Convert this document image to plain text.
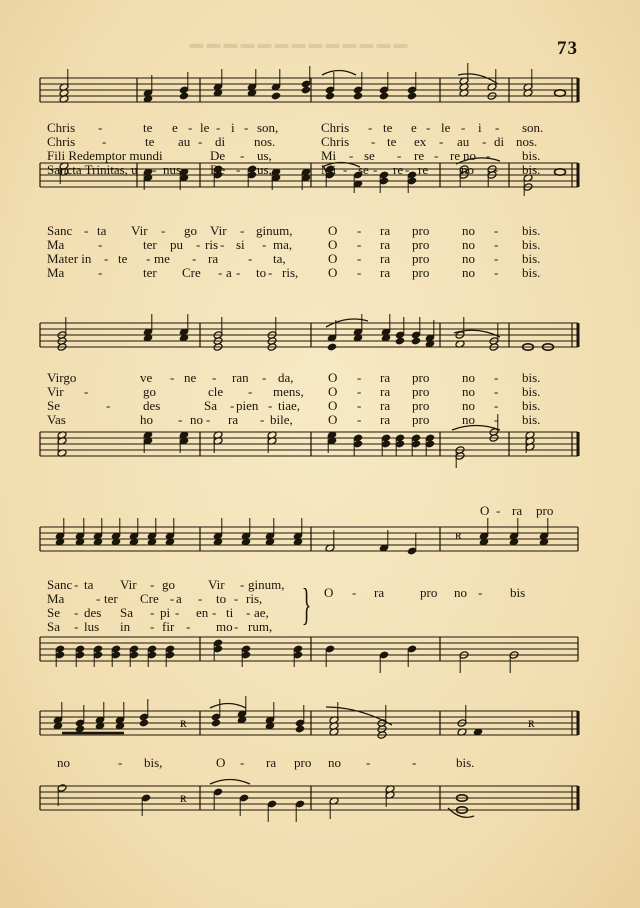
▬▬▬▬▬▬▬▬▬▬▬▬▬	73
ʀ
ʀ	ʀ
ʀ
Chris -	te e - le - i - son,	Chris - te e - le - i - son.
Chris -	te au - di nos.	Chris - te ex - au - di nos.
Fili Redemptor mundi	De - us,	Mi - se - re - re no - bis.
Sancta Trinitas, u - nus De - us,	Mi - se - re - re	no - bis.
Sanc - ta Vir - go Vir - ginum,	O - ra pro	no - bis.
Ma	-	ter pu - ris - si - ma,	O - ra pro	no - bis.
Mater in - te - me - ra - ta,	O - ra pro	no - bis.
Ma	-	ter Cre - a - to - ris, O - ra pro	no - bis.
Virgo	ve - ne - ran - da,	O - ra pro	no - bis.
Vir -	go	cle - mens, O - ra pro	no - bis.
Se	-	des	Sa - pien - tiae, O - ra pro	no - bis.
Vas	ho - no - ra - bile,	O - ra pro	no - bis.
O - ra pro
Sanc - ta Vir - go	Vir - ginum,
Ma - ter Cre - a - to - ris,
Se - des Sa - pi - en - ti - ae,
Sa - lus in - fir - mo - rum, } O - ra	pro no - bis
no	- bis,	O - ra pro no -	-	bis.
